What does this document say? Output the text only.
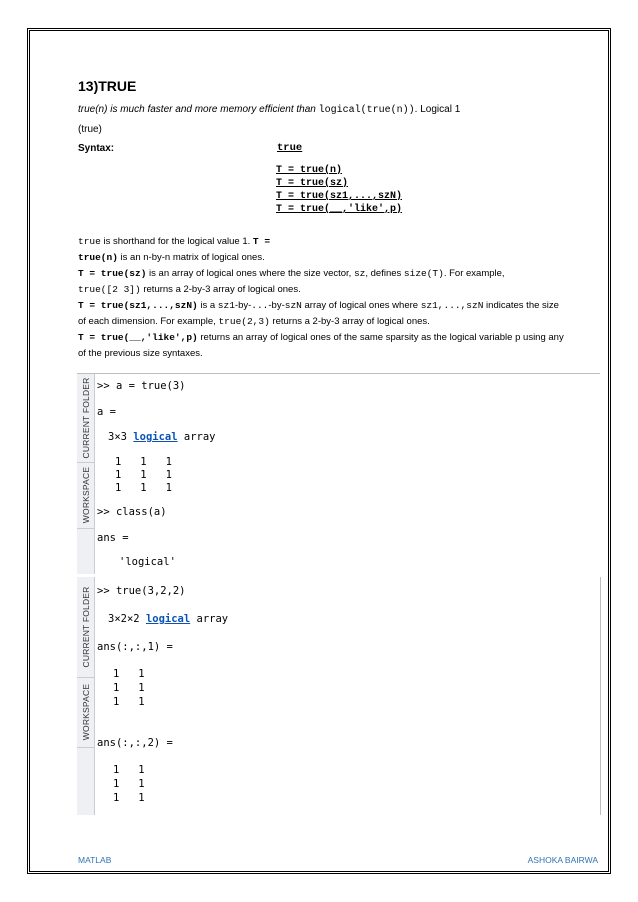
13)TRUE
true(n) is much faster and more memory efficient than logical(true(n)). Logical 1
(true)
Syntax:	true
T = true(n)
T = true(sz)
T = true(sz1,...,szN)
T = true(__,'like',p)

true is shorthand for the logical value 1. T =

true(n) is an n-by-n matrix of logical ones.

T = true(sz) is an array of logical ones where the size vector, sz, defines size(T). For example,
true([2 3]) returns a 2-by-3 array of logical ones.

T = true(sz1,...,szN) is a sz1-by-...-by-szN array of logical ones where sz1,...,szN indicates the size of each dimension. For example, true(2,3) returns a 2-by-3 array of logical ones.

T = true(__,'like',p) returns an array of logical ones of the same sparsity as the logical variable p using any of the previous size syntaxes.

CURRENT FOLDER
WORKSPACE
>> a = true(3)
a =
3×3 logical array
1   1   1
1   1   1
1   1   1
>> class(a)
ans =
'logical'
CURRENT FOLDER
WORKSPACE
>> true(3,2,2)
3×2×2 logical array
ans(:,:,1) =
1   1
1   1
1   1
ans(:,:,2) =
1   1
1   1
1   1
MATLAB	ASHOKA BAIRWA
